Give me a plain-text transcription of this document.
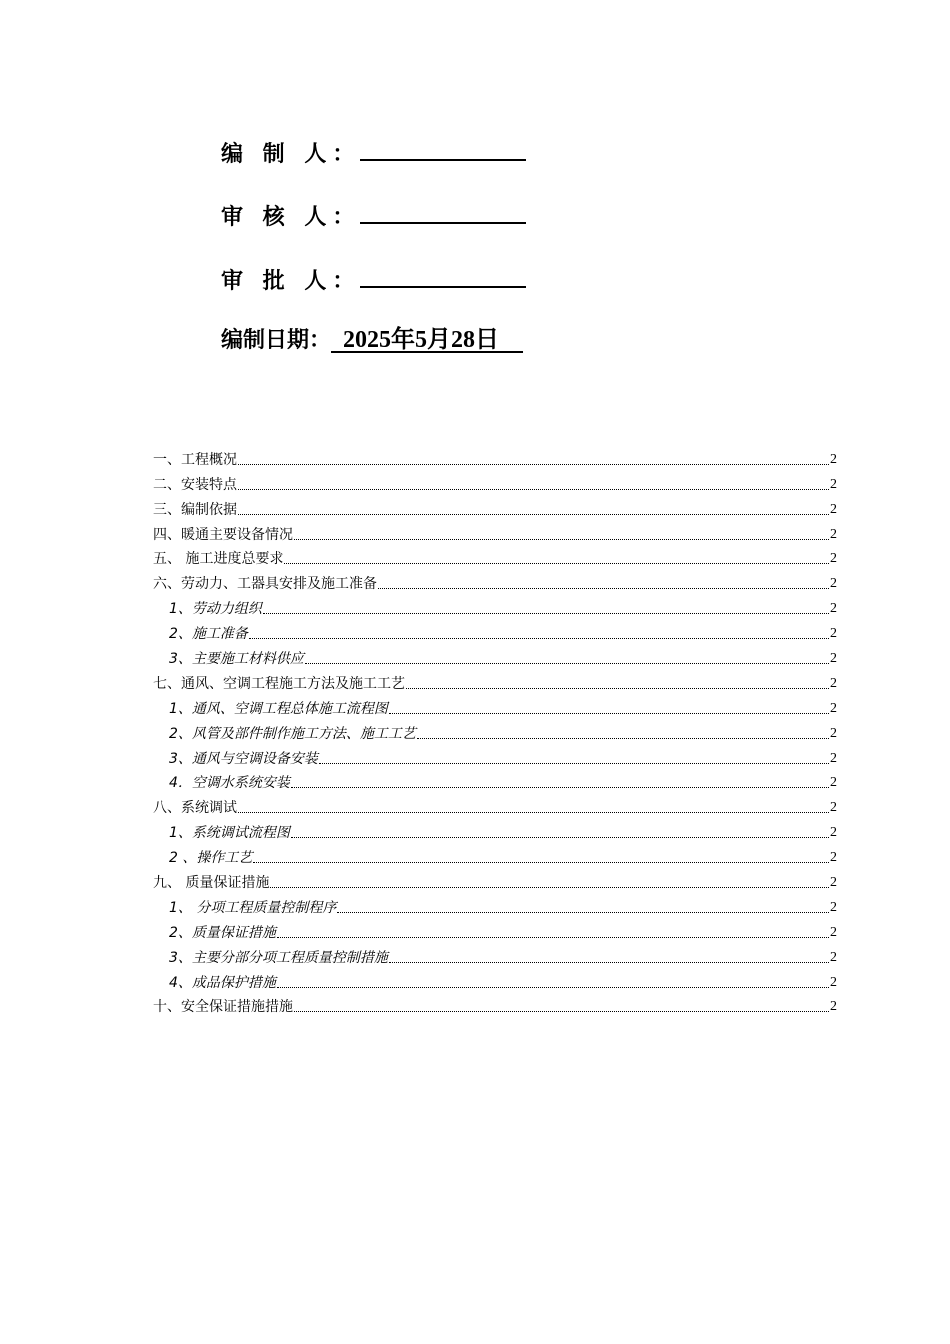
编 制 人：
审 核 人：
审 批 人：
编制日期：  2025年5月28日
一、工程概况	2
二、安装特点	2
三、编制依据	2
四、暖通主要设备情况	2
五、 施工进度总要求	2
六、劳动力、工器具安排及施工准备	2
1、劳动力组织	2
2、施工准备	2
3、主要施工材料供应	2
七、通风、空调工程施工方法及施工工艺	2
1、通风、空调工程总体施工流程图	2
2、风管及部件制作施工方法、施工工艺	2
3、通风与空调设备安装	2
4．空调水系统安装	2
八、系统调试	2
1、系统调试流程图	2
2 、操作工艺	2
九、 质量保证措施	2
1、 分项工程质量控制程序	2
2、质量保证措施	2
3、主要分部分项工程质量控制措施	2
4、成品保护措施	2
十、安全保证措施措施	2
